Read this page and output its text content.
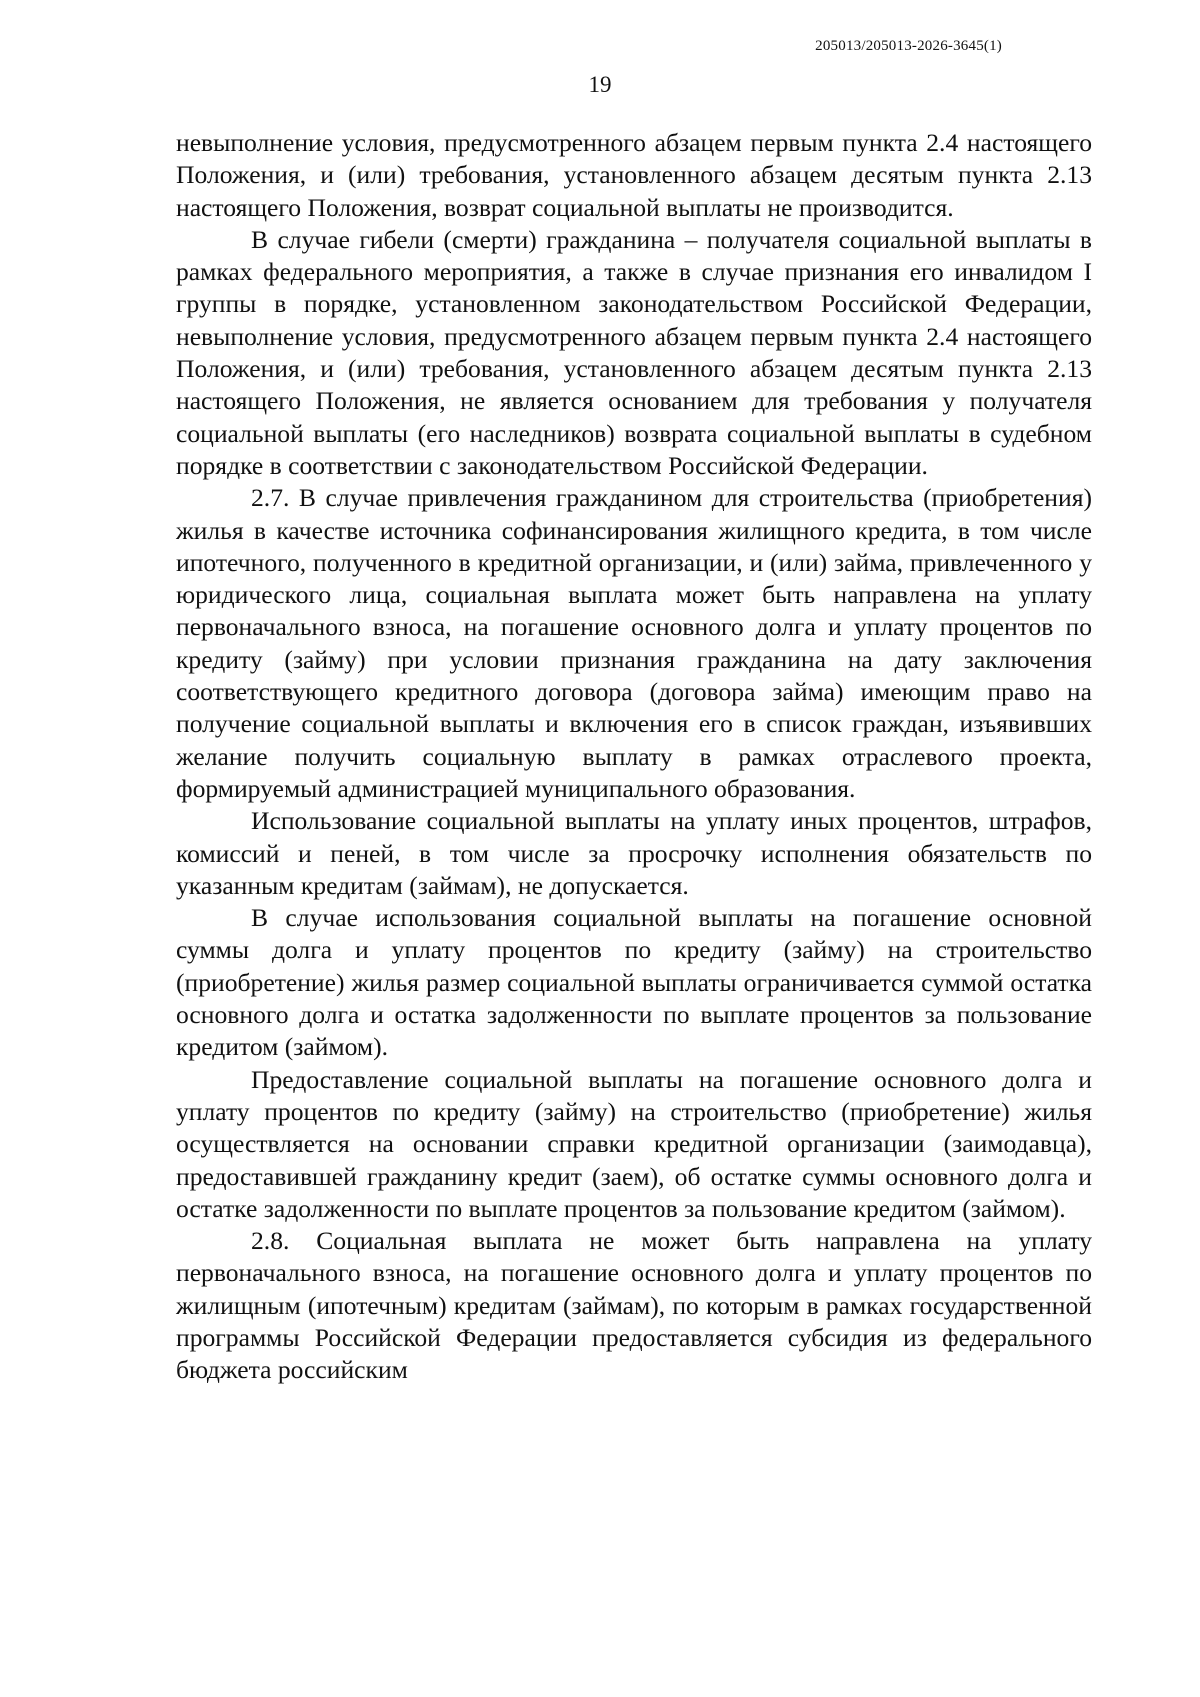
205013/205013-2026-3645(1)
19

невыполнение условия, предусмотренного абзацем первым пункта 2.4 настоящего Положения, и (или) требования, установленного абзацем десятым пункта 2.13 настоящего Положения, возврат социальной выплаты не производится.

В случае гибели (смерти) гражданина – получателя социальной выплаты в рамках федерального мероприятия, а также в случае признания его инвалидом I группы в порядке, установленном законодательством Российской Федерации, невыполнение условия, предусмотренного абзацем первым пункта 2.4 настоящего Положения, и (или) требования, установленного абзацем десятым пункта 2.13 настоящего Положения, не является основанием для требования у получателя социальной выплаты (его наследников) возврата социальной выплаты в судебном порядке в соответствии с законодательством Российской Федерации.

2.7. В случае привлечения гражданином для строительства (приобретения) жилья в качестве источника софинансирования жилищного кредита, в том числе ипотечного, полученного в кредитной организации, и (или) займа, привлеченного у юридического лица, социальная выплата может быть направлена на уплату первоначального взноса, на погашение основного долга и уплату процентов по кредиту (займу) при условии признания гражданина на дату заключения соответствующего кредитного договора (договора займа) имеющим право на получение социальной выплаты и включения его в список граждан, изъявивших желание получить социальную выплату в рамках отраслевого проекта, формируемый администрацией муниципального образования.

Использование социальной выплаты на уплату иных процентов, штрафов, комиссий и пеней, в том числе за просрочку исполнения обязательств по указанным кредитам (займам), не допускается.

В случае использования социальной выплаты на погашение основной суммы долга и уплату процентов по кредиту (займу) на строительство (приобретение) жилья размер социальной выплаты ограничивается суммой остатка основного долга и остатка задолженности по выплате процентов за пользование кредитом (займом).

Предоставление социальной выплаты на погашение основного долга и уплату процентов по кредиту (займу) на строительство (приобретение) жилья осуществляется на основании справки кредитной организации (заимодавца), предоставившей гражданину кредит (заем), об остатке суммы основного долга и остатке задолженности по выплате процентов за пользование кредитом (займом).

2.8. Социальная выплата не может быть направлена на уплату первоначального взноса, на погашение основного долга и уплату процентов по жилищным (ипотечным) кредитам (займам), по которым в рамках государственной программы Российской Федерации предоставляется субсидия из федерального бюджета российским
